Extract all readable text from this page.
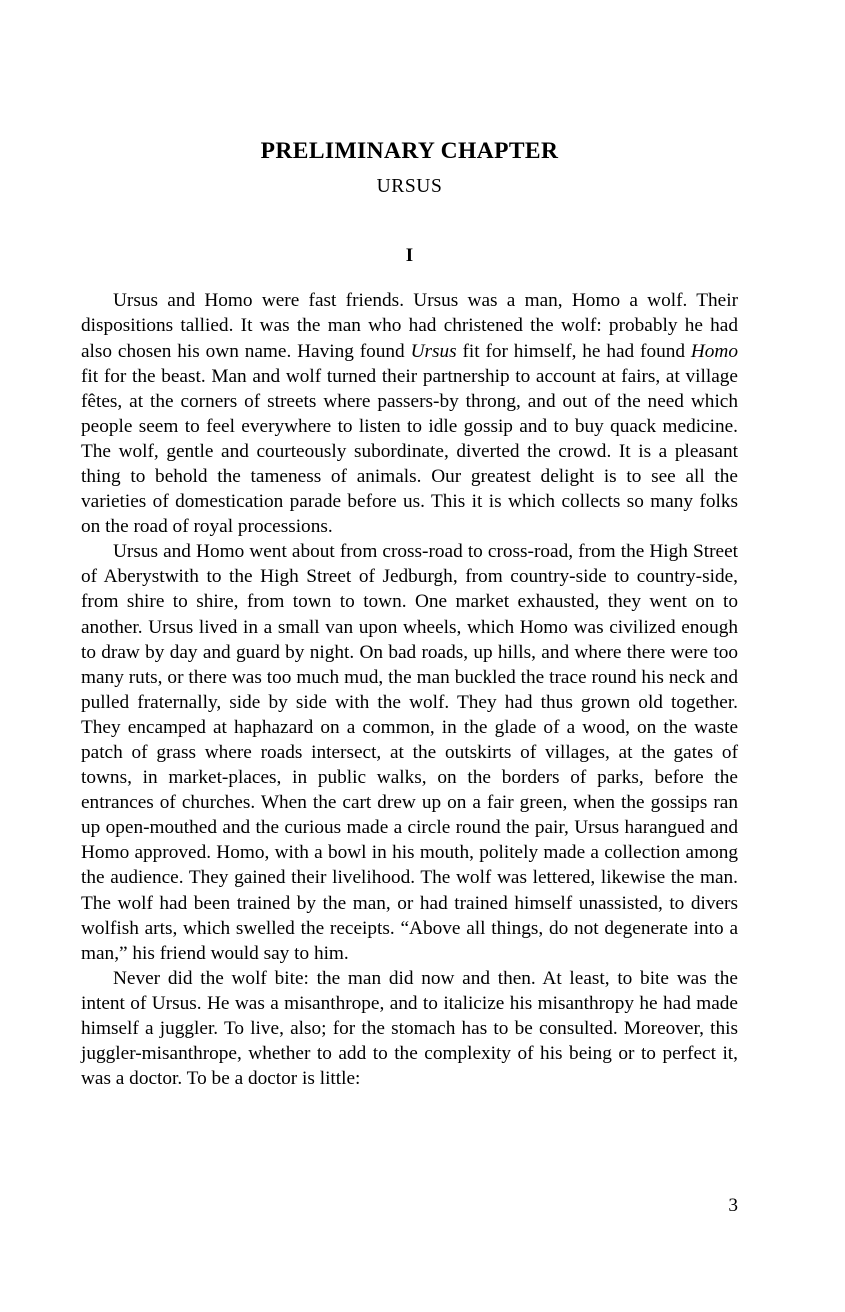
PRELIMINARY CHAPTER
URSUS
I

Ursus and Homo were fast friends. Ursus was a man, Homo a wolf. Their dispositions tallied. It was the man who had christened the wolf: probably he had also chosen his own name. Having found Ursus fit for himself, he had found Homo fit for the beast. Man and wolf turned their partnership to account at fairs, at village fêtes, at the corners of streets where passers-by throng, and out of the need which people seem to feel everywhere to listen to idle gossip and to buy quack medicine. The wolf, gentle and courteously subordinate, diverted the crowd. It is a pleasant thing to behold the tameness of animals. Our greatest delight is to see all the varieties of domestication parade before us. This it is which collects so many folks on the road of royal processions.

Ursus and Homo went about from cross-road to cross-road, from the High Street of Aberystwith to the High Street of Jedburgh, from country-side to country-side, from shire to shire, from town to town. One market exhausted, they went on to another. Ursus lived in a small van upon wheels, which Homo was civilized enough to draw by day and guard by night. On bad roads, up hills, and where there were too many ruts, or there was too much mud, the man buckled the trace round his neck and pulled fraternally, side by side with the wolf. They had thus grown old together. They encamped at haphazard on a common, in the glade of a wood, on the waste patch of grass where roads intersect, at the outskirts of villages, at the gates of towns, in market-places, in public walks, on the borders of parks, before the entrances of churches. When the cart drew up on a fair green, when the gossips ran up open-mouthed and the curious made a circle round the pair, Ursus harangued and Homo approved. Homo, with a bowl in his mouth, politely made a collection among the audience. They gained their livelihood. The wolf was lettered, likewise the man. The wolf had been trained by the man, or had trained himself unassisted, to divers wolfish arts, which swelled the receipts. “Above all things, do not degenerate into a man,” his friend would say to him.

Never did the wolf bite: the man did now and then. At least, to bite was the intent of Ursus. He was a misanthrope, and to italicize his misanthropy he had made himself a juggler. To live, also; for the stomach has to be consulted. Moreover, this juggler-misanthrope, whether to add to the complexity of his being or to perfect it, was a doctor. To be a doctor is little:

3
